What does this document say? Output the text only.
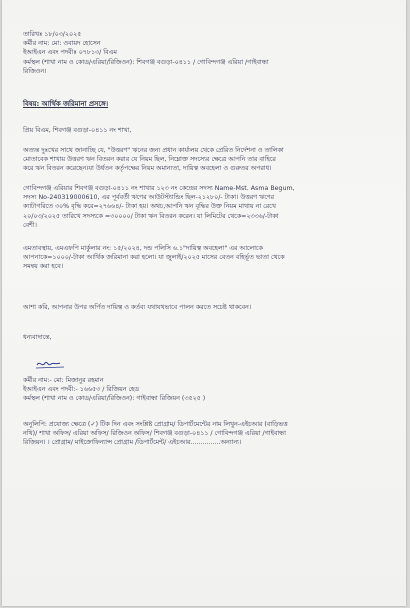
তারিখঃ ১৮/০৩/২০২৫
কর্মীর নাম: মো: ওবায়দ হোসেন
ইআইএন এবং পদবীঃ ০৭৮১৩/ বিএম
কর্মস্থল (শাখা নাম ও কোড/এরিয়া/রিজিওন): শিবগঞ্জ বগুড়া-০৪১১ / গোবিন্দগঞ্জ এরিয়া /গাইবান্ধা
রিজিওন।
বিষয়: আর্থিক জরিমানা প্রসঙ্গে।
প্রিয় বিএম, শিবগঞ্জ বগুড়া-০৪১১ নং শাখা,
অত্যন্ত দুঃখের সাথে জানাচ্ছি যে, "উত্তরণ" ঋনের জন্য প্রধান কার্যালয় থেকে প্রেরিত নির্দেশনা ও তালিকা
মোতাবেক শাখায় উত্তরণ ঋন বিতরন করার যে নিয়ম ছিল, নিম্নোক্ত সদস্যের ক্ষেত্রে আপনি তার বাহিরে
করে ঋন বিতরন করেছেন।যা উর্ধতন কর্তৃপক্ষের নিয়ম অমান্যতা, দায়িত্ব অবহেলা ও গুরুতর অপরাধ।
গোবিন্দগঞ্জ এরিয়ার শিবগঞ্জ বগুড়া-০৪১১ নং শাখার ১২৩ নং কেন্দ্রের সদস্য Name-Mst. Asma Begum,
সদস্য No-240319000610, এর পূর্ববর্তী ঋণের আউটস্ট্যান্ডিং ছিল-২১২৮০/- টাকা। উত্তরণ ঋণের
ক্যাটাগরিতে ৩০% বৃদ্ধি করে=২৭৬৬৪/- টাকা হয়। অথচ,আপনি ঋন বৃদ্ধির উক্ত নিয়ম মাথায় না রেখে
২০/০৩/২০২৫ তারিখে সদস্যকে =৩০০০০/ টাকা ঋন বিতরন করেন। যা লিমিটের থেকে=২৩৩৬/-টাকা
বেশী।
এমতাবস্থায়, এমএফপি মার্কুলার নং: ১৫/২০২৪, দন্ড পলিসি ৬.১"দায়িত্ব অবহেলা" এর আলোকে
আপনাকে=১০০০/-টাকা আর্থিক জরিমানা করা হলো। যা জুলাই/২০২৫ মাসের বেতন বহির্ভূত ভাতা থেকে
সমন্বয় করা হবে।
আশা করি, আপনার উপর অর্পিত দায়িত্ব ও কর্তব্য যথাযথভাবে পালন করতে সচেষ্ট থাকবেন।
ধন্যবাদান্তে,
কর্মীর নাম:- মো: মিজানুর রহমান
ইআইএন এবং পদবী:- ১৬৬৫৩ / রিজিয়ন হেড
কর্মস্থল (শাখা নাম ও কোড/এরিয়া/রিজিওন): গাইবান্ধা রিজিয়ন (৩৫২৫ )
অনুলিপি: প্রযোজ্য ক্ষেত্রে (✓) টিক দিন এবং সংশ্লিষ্ট প্রোগ্রাম/ ডিপার্টমেন্টের নাম লিখুন-এইচআর (বাড়িভত্ত
নথি)/ শাখা অফিস/ এরিয়া অফিস/ রিজিওন অফিস/ শিবগঞ্জ বগুড়া-০৪১১ / গোবিন্দগঞ্জ এরিয়া /গাইবান্ধা
রিজিয়ন। । প্রোগ্রাম/ মাইক্রোফিন্যান্স প্রোগ্রাম /ডিপার্টমেন্ট/ এইচআর...............অন্যান্য।
